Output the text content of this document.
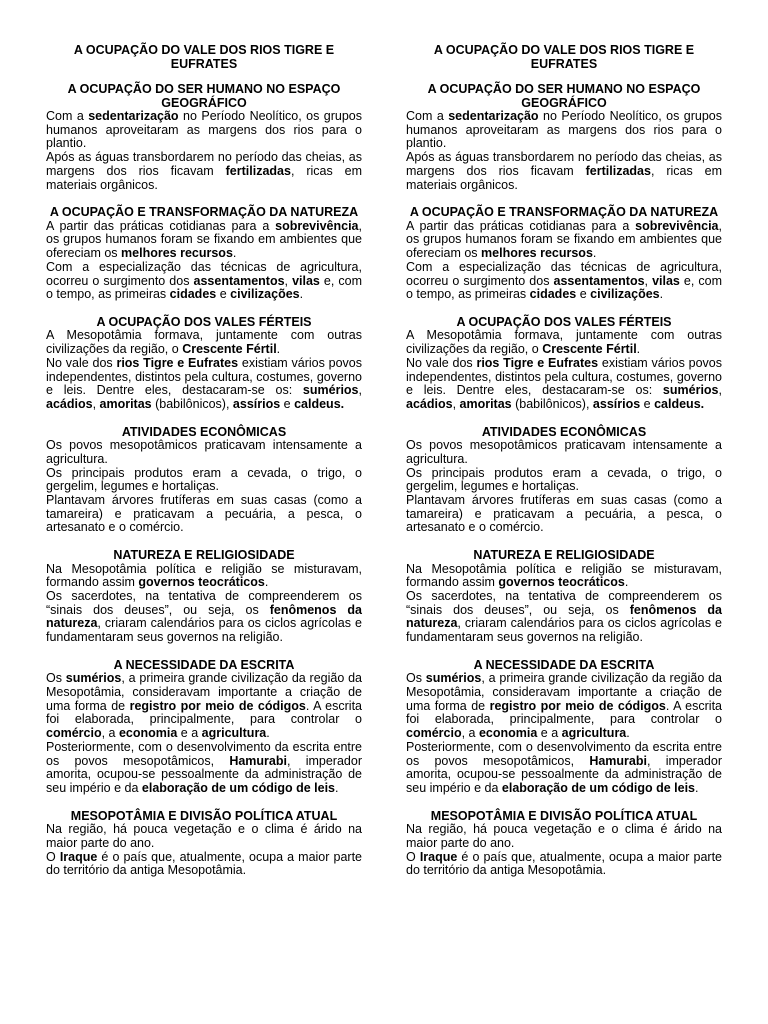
A OCUPAÇÃO DO VALE DOS RIOS TIGRE E EUFRATES
A OCUPAÇÃO DO SER HUMANO NO ESPAÇO GEOGRÁFICO

Com a sedentarização no Período Neolítico, os grupos humanos aproveitaram as margens dos rios para o plantio.

Após as águas transbordarem no período das cheias, as margens dos rios ficavam fertilizadas, ricas em materiais orgânicos.

A OCUPAÇÃO E TRANSFORMAÇÃO DA NATUREZA

A partir das práticas cotidianas para a sobrevivência, os grupos humanos foram se fixando em ambientes que ofereciam os melhores recursos.

Com a especialização das técnicas de agricultura, ocorreu o surgimento dos assentamentos, vilas e, com o tempo, as primeiras cidades e civilizações.

A OCUPAÇÃO DOS VALES FÉRTEIS

A Mesopotâmia formava, juntamente com outras civilizações da região, o Crescente Fértil.

No vale dos rios Tigre e Eufrates existiam vários povos independentes, distintos pela cultura, costumes, governo e leis. Dentre eles, destacaram-se os: sumérios, acádios, amoritas (babilônicos), assírios e caldeus.

ATIVIDADES ECONÔMICAS

Os povos mesopotâmicos praticavam intensamente a agricultura.

Os principais produtos eram a cevada, o trigo, o gergelim, legumes e hortaliças.

Plantavam árvores frutíferas em suas casas (como a tamareira) e praticavam a pecuária, a pesca, o artesanato e o comércio.

NATUREZA E RELIGIOSIDADE

Na Mesopotâmia política e religião se misturavam, formando assim governos teocráticos.

Os sacerdotes, na tentativa de compreenderem os “sinais dos deuses”, ou seja, os fenômenos da natureza, criaram calendários para os ciclos agrícolas e fundamentaram seus governos na religião.

A NECESSIDADE DA ESCRITA

Os sumérios, a primeira grande civilização da região da Mesopotâmia, consideravam importante a criação de uma forma de registro por meio de códigos. A escrita foi elaborada, principalmente, para controlar o comércio, a economia e a agricultura.

Posteriormente, com o desenvolvimento da escrita entre os povos mesopotâmicos, Hamurabi, imperador amorita, ocupou-se pessoalmente da administração de seu império e da elaboração de um código de leis.

MESOPOTÂMIA E DIVISÃO POLÍTICA ATUAL

Na região, há pouca vegetação e o clima é árido na maior parte do ano.

O Iraque é o país que, atualmente, ocupa a maior parte do território da antiga Mesopotâmia.

A OCUPAÇÃO DO VALE DOS RIOS TIGRE E EUFRATES
A OCUPAÇÃO DO SER HUMANO NO ESPAÇO GEOGRÁFICO

Com a sedentarização no Período Neolítico, os grupos humanos aproveitaram as margens dos rios para o plantio.

Após as águas transbordarem no período das cheias, as margens dos rios ficavam fertilizadas, ricas em materiais orgânicos.

A OCUPAÇÃO E TRANSFORMAÇÃO DA NATUREZA

A partir das práticas cotidianas para a sobrevivência, os grupos humanos foram se fixando em ambientes que ofereciam os melhores recursos.

Com a especialização das técnicas de agricultura, ocorreu o surgimento dos assentamentos, vilas e, com o tempo, as primeiras cidades e civilizações.

A OCUPAÇÃO DOS VALES FÉRTEIS

A Mesopotâmia formava, juntamente com outras civilizações da região, o Crescente Fértil.

No vale dos rios Tigre e Eufrates existiam vários povos independentes, distintos pela cultura, costumes, governo e leis. Dentre eles, destacaram-se os: sumérios, acádios, amoritas (babilônicos), assírios e caldeus.

ATIVIDADES ECONÔMICAS

Os povos mesopotâmicos praticavam intensamente a agricultura.

Os principais produtos eram a cevada, o trigo, o gergelim, legumes e hortaliças.

Plantavam árvores frutíferas em suas casas (como a tamareira) e praticavam a pecuária, a pesca, o artesanato e o comércio.

NATUREZA E RELIGIOSIDADE

Na Mesopotâmia política e religião se misturavam, formando assim governos teocráticos.

Os sacerdotes, na tentativa de compreenderem os “sinais dos deuses”, ou seja, os fenômenos da natureza, criaram calendários para os ciclos agrícolas e fundamentaram seus governos na religião.

A NECESSIDADE DA ESCRITA

Os sumérios, a primeira grande civilização da região da Mesopotâmia, consideravam importante a criação de uma forma de registro por meio de códigos. A escrita foi elaborada, principalmente, para controlar o comércio, a economia e a agricultura.

Posteriormente, com o desenvolvimento da escrita entre os povos mesopotâmicos, Hamurabi, imperador amorita, ocupou-se pessoalmente da administração de seu império e da elaboração de um código de leis.

MESOPOTÂMIA E DIVISÃO POLÍTICA ATUAL

Na região, há pouca vegetação e o clima é árido na maior parte do ano.

O Iraque é o país que, atualmente, ocupa a maior parte do território da antiga Mesopotâmia.
